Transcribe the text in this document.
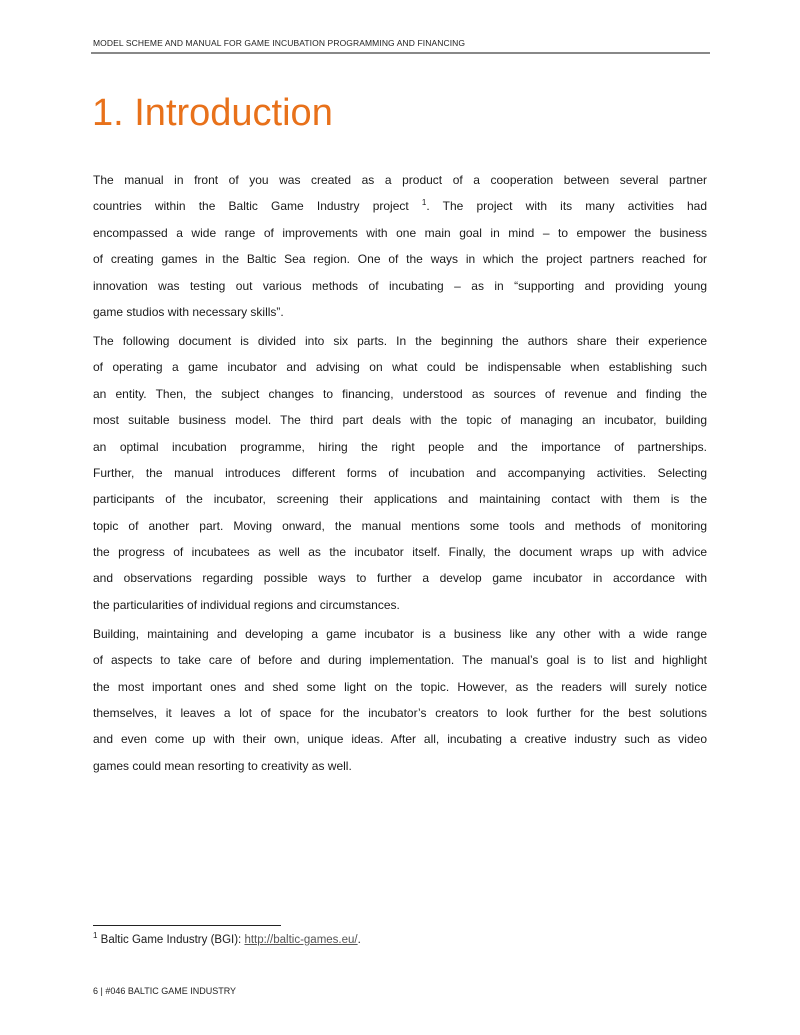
MODEL SCHEME AND MANUAL FOR GAME INCUBATION PROGRAMMING AND FINANCING
1. Introduction
The manual in front of you was created as a product of a cooperation between several partner
countries within the Baltic Game Industry project $^1$. The project with its many activities had
encompassed a wide range of improvements with one main goal in mind – to empower the business
of creating games in the Baltic Sea region. One of the ways in which the project partners reached for
innovation was testing out various methods of incubating – as in “supporting and providing young
game studios with necessary skills”.
The following document is divided into six parts. In the beginning the authors share their experience
of operating a game incubator and advising on what could be indispensable when establishing such
an entity. Then, the subject changes to financing, understood as sources of revenue and finding the
most suitable business model. The third part deals with the topic of managing an incubator, building
an optimal incubation programme, hiring the right people and the importance of partnerships.
Further, the manual introduces different forms of incubation and accompanying activities. Selecting
participants of the incubator, screening their applications and maintaining contact with them is the
topic of another part. Moving onward, the manual mentions some tools and methods of monitoring
the progress of incubatees as well as the incubator itself. Finally, the document wraps up with advice
and observations regarding possible ways to further a develop game incubator in accordance with
the particularities of individual regions and circumstances.
Building, maintaining and developing a game incubator is a business like any other with a wide range
of aspects to take care of before and during implementation. The manual’s goal is to list and highlight
the most important ones and shed some light on the topic. However, as the readers will surely notice
themselves, it leaves a lot of space for the incubator’s creators to look further for the best solutions
and even come up with their own, unique ideas. After all, incubating a creative industry such as video
games could mean resorting to creativity as well.
$^1$ Baltic Game Industry (BGI): http://baltic-games.eu/.
6 | #046 BALTIC GAME INDUSTRY
